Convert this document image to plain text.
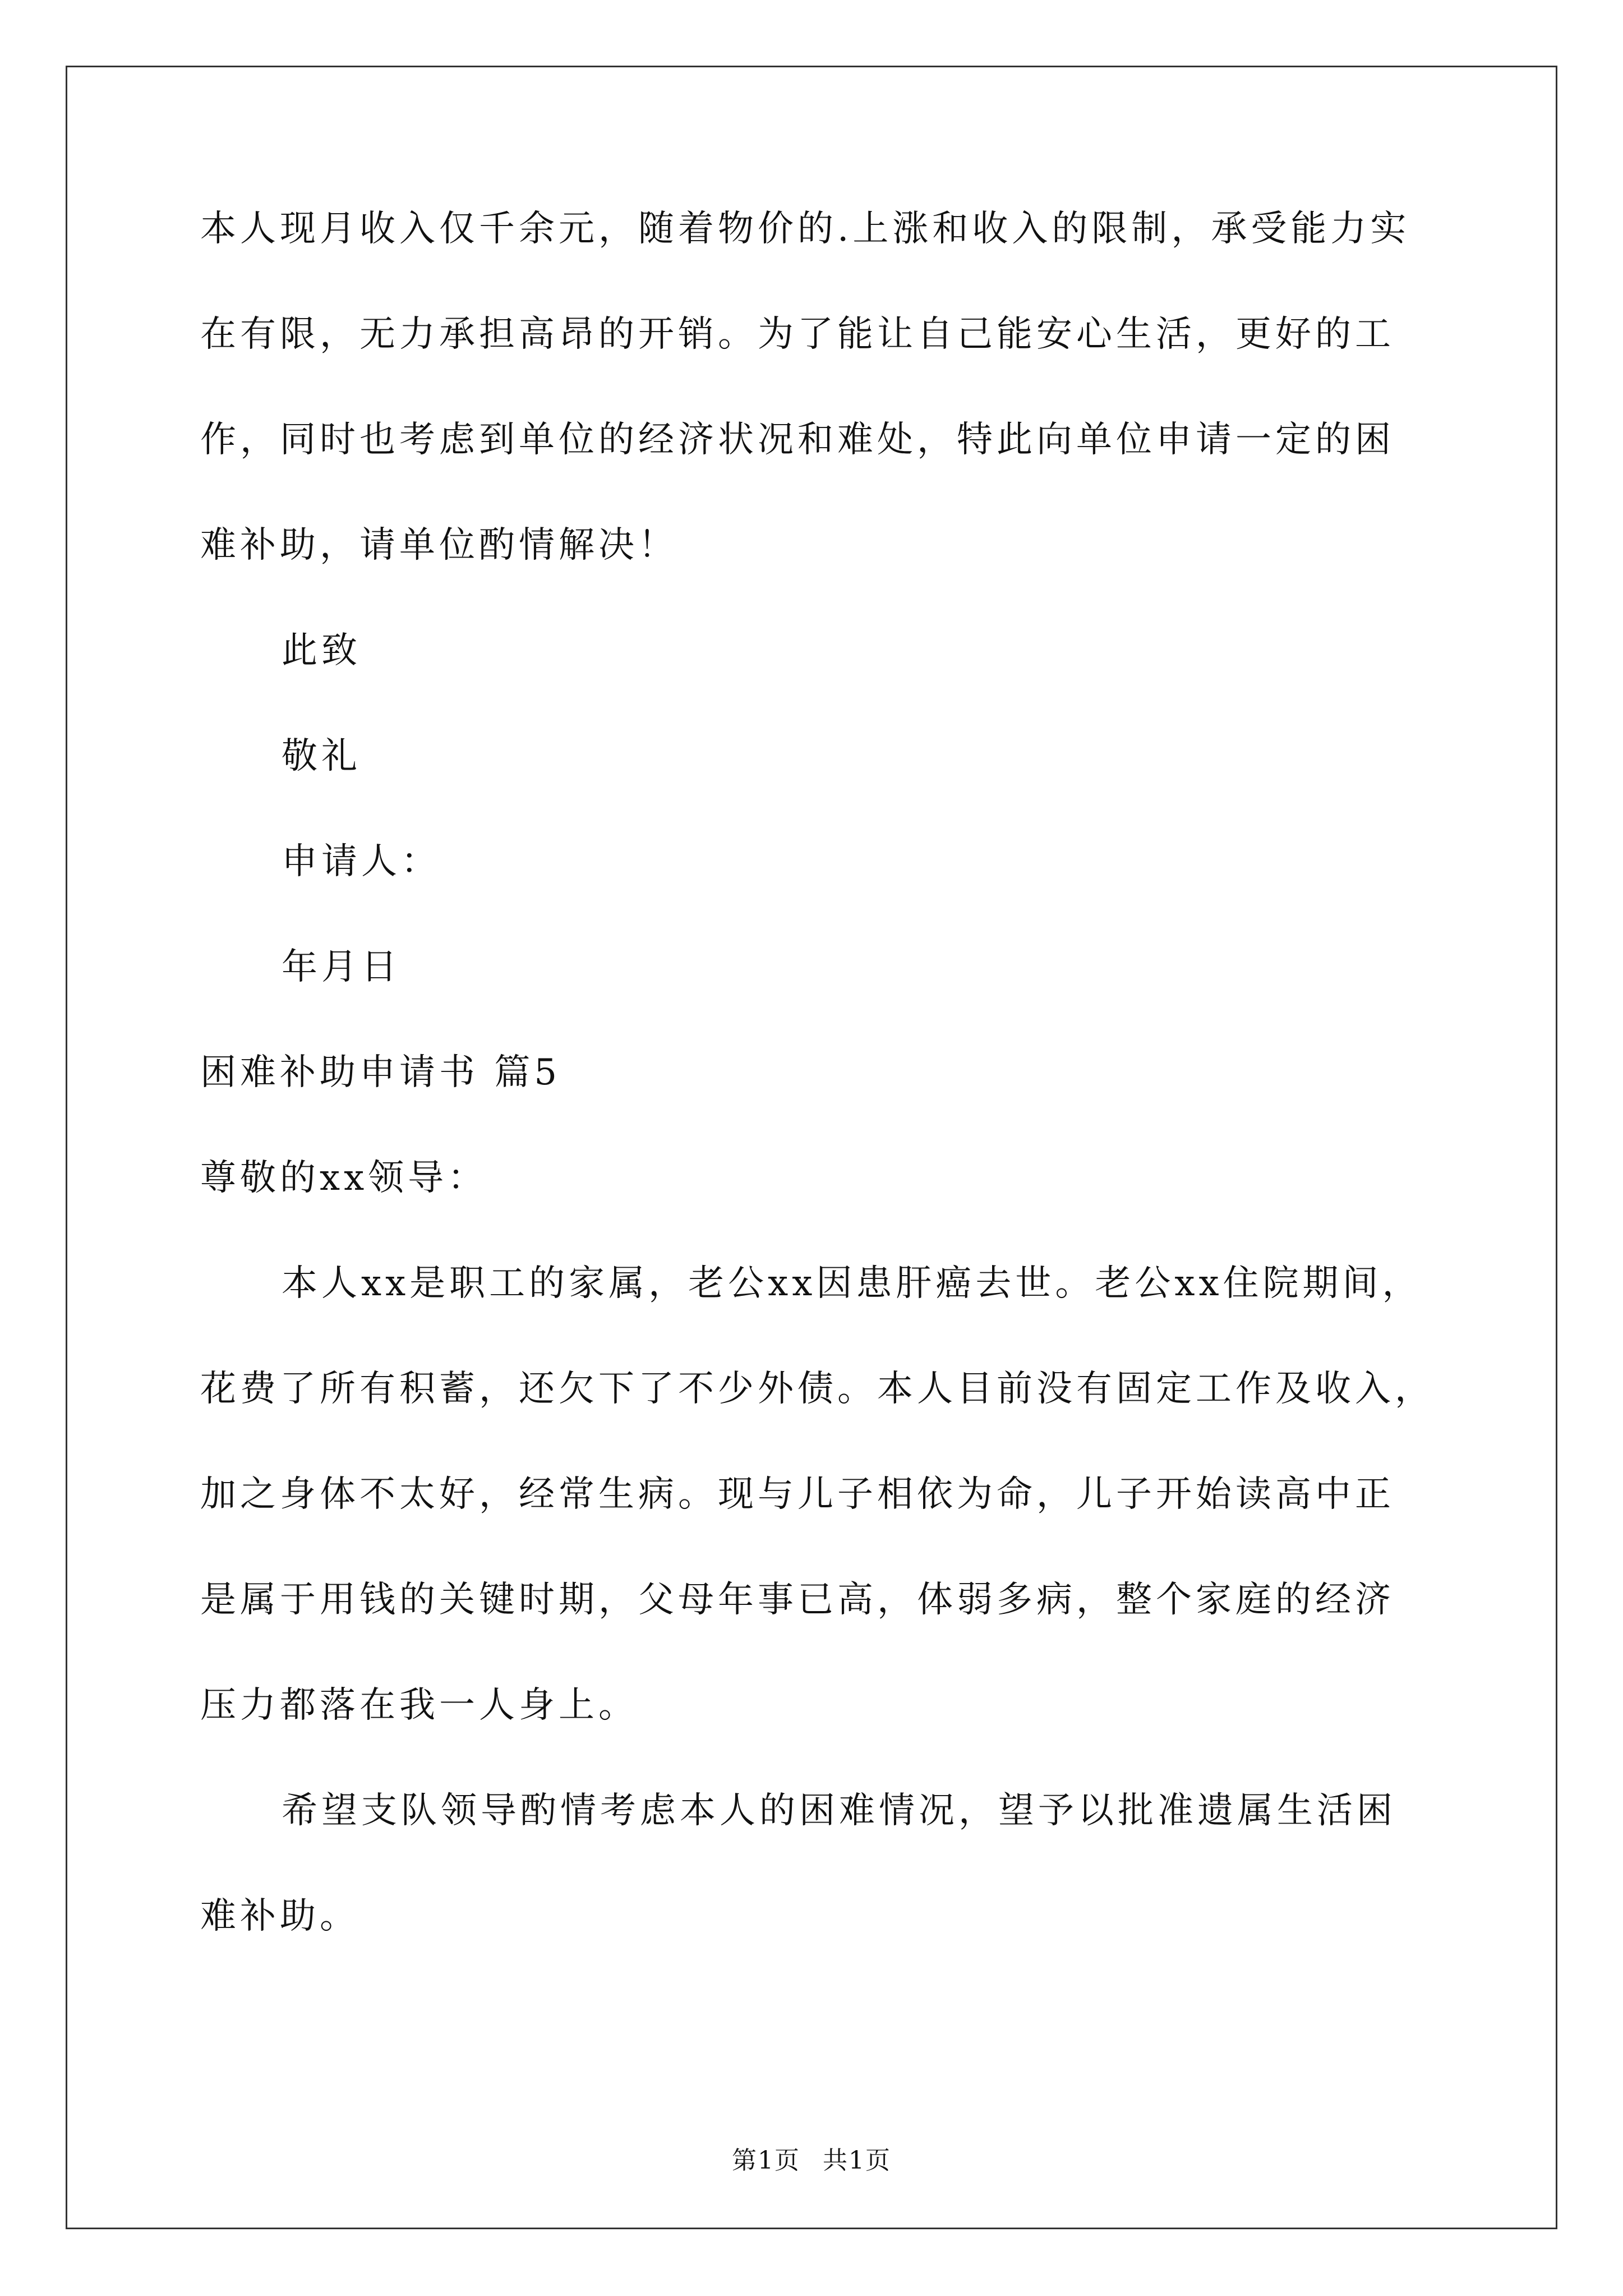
本人现月收入仅千余元，随着物价的.上涨和收入的限制，承受能力实
在有限，无力承担高昂的开销。为了能让自己能安心生活，更好的工
作，同时也考虑到单位的经济状况和难处，特此向单位申请一定的困
难补助，请单位酌情解决！
此致
敬礼
申请人：
年月日
困难补助申请书 篇5
尊敬的xx领导：
本人xx是职工的家属，老公xx因患肝癌去世。老公xx住院期间，
花费了所有积蓄，还欠下了不少外债。本人目前没有固定工作及收入，
加之身体不太好，经常生病。现与儿子相依为命，儿子开始读高中正
是属于用钱的关键时期，父母年事已高，体弱多病，整个家庭的经济
压力都落在我一人身上。
希望支队领导酌情考虑本人的困难情况，望予以批准遗属生活困
难补助。
第1页 共1页
